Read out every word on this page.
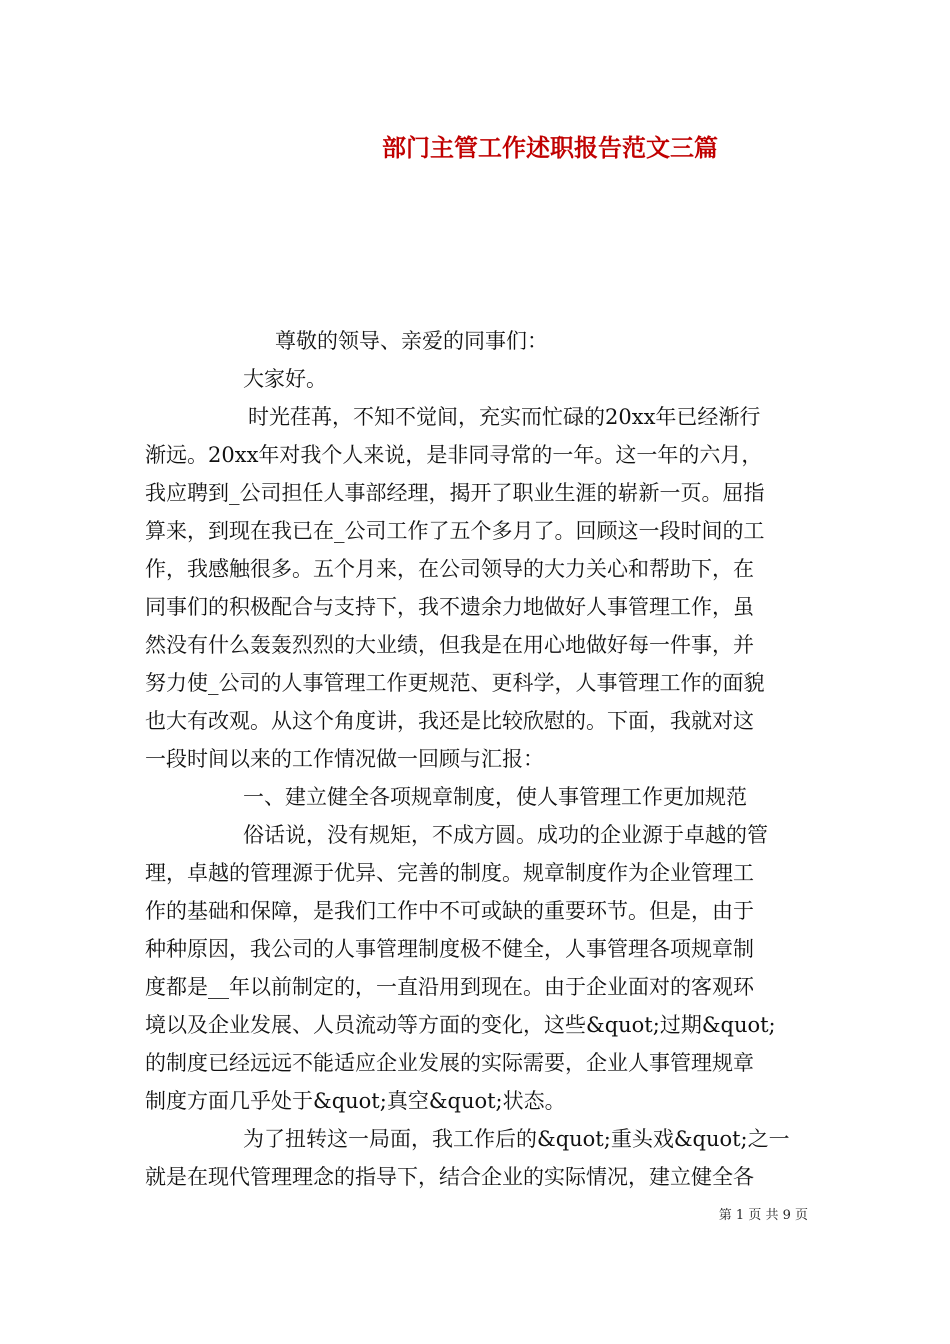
部门主管工作述职报告范文三篇
尊敬的领导、亲爱的同事们：
大家好。
时光荏苒，不知不觉间，充实而忙碌的20xx年已经渐行
渐远。20xx年对我个人来说，是非同寻常的一年。这一年的六月，
我应聘到_公司担任人事部经理，揭开了职业生涯的崭新一页。屈指
算来，到现在我已在_公司工作了五个多月了。回顾这一段时间的工
作，我感触很多。五个月来，在公司领导的大力关心和帮助下，在
同事们的积极配合与支持下，我不遗余力地做好人事管理工作，虽
然没有什么轰轰烈烈的大业绩，但我是在用心地做好每一件事，并
努力使_公司的人事管理工作更规范、更科学，人事管理工作的面貌
也大有改观。从这个角度讲，我还是比较欣慰的。下面，我就对这
一段时间以来的工作情况做一回顾与汇报：
一、建立健全各项规章制度，使人事管理工作更加规范
俗话说，没有规矩，不成方圆。成功的企业源于卓越的管
理，卓越的管理源于优异、完善的制度。规章制度作为企业管理工
作的基础和保障，是我们工作中不可或缺的重要环节。但是，由于
种种原因，我公司的人事管理制度极不健全，人事管理各项规章制
度都是__年以前制定的，一直沿用到现在。由于企业面对的客观环
境以及企业发展、人员流动等方面的变化，这些&quot;过期&quot;
的制度已经远远不能适应企业发展的实际需要，企业人事管理规章
制度方面几乎处于&quot;真空&quot;状态。
为了扭转这一局面，我工作后的&quot;重头戏&quot;之一
就是在现代管理理念的指导下，结合企业的实际情况，建立健全各
第 1 页 共 9 页
